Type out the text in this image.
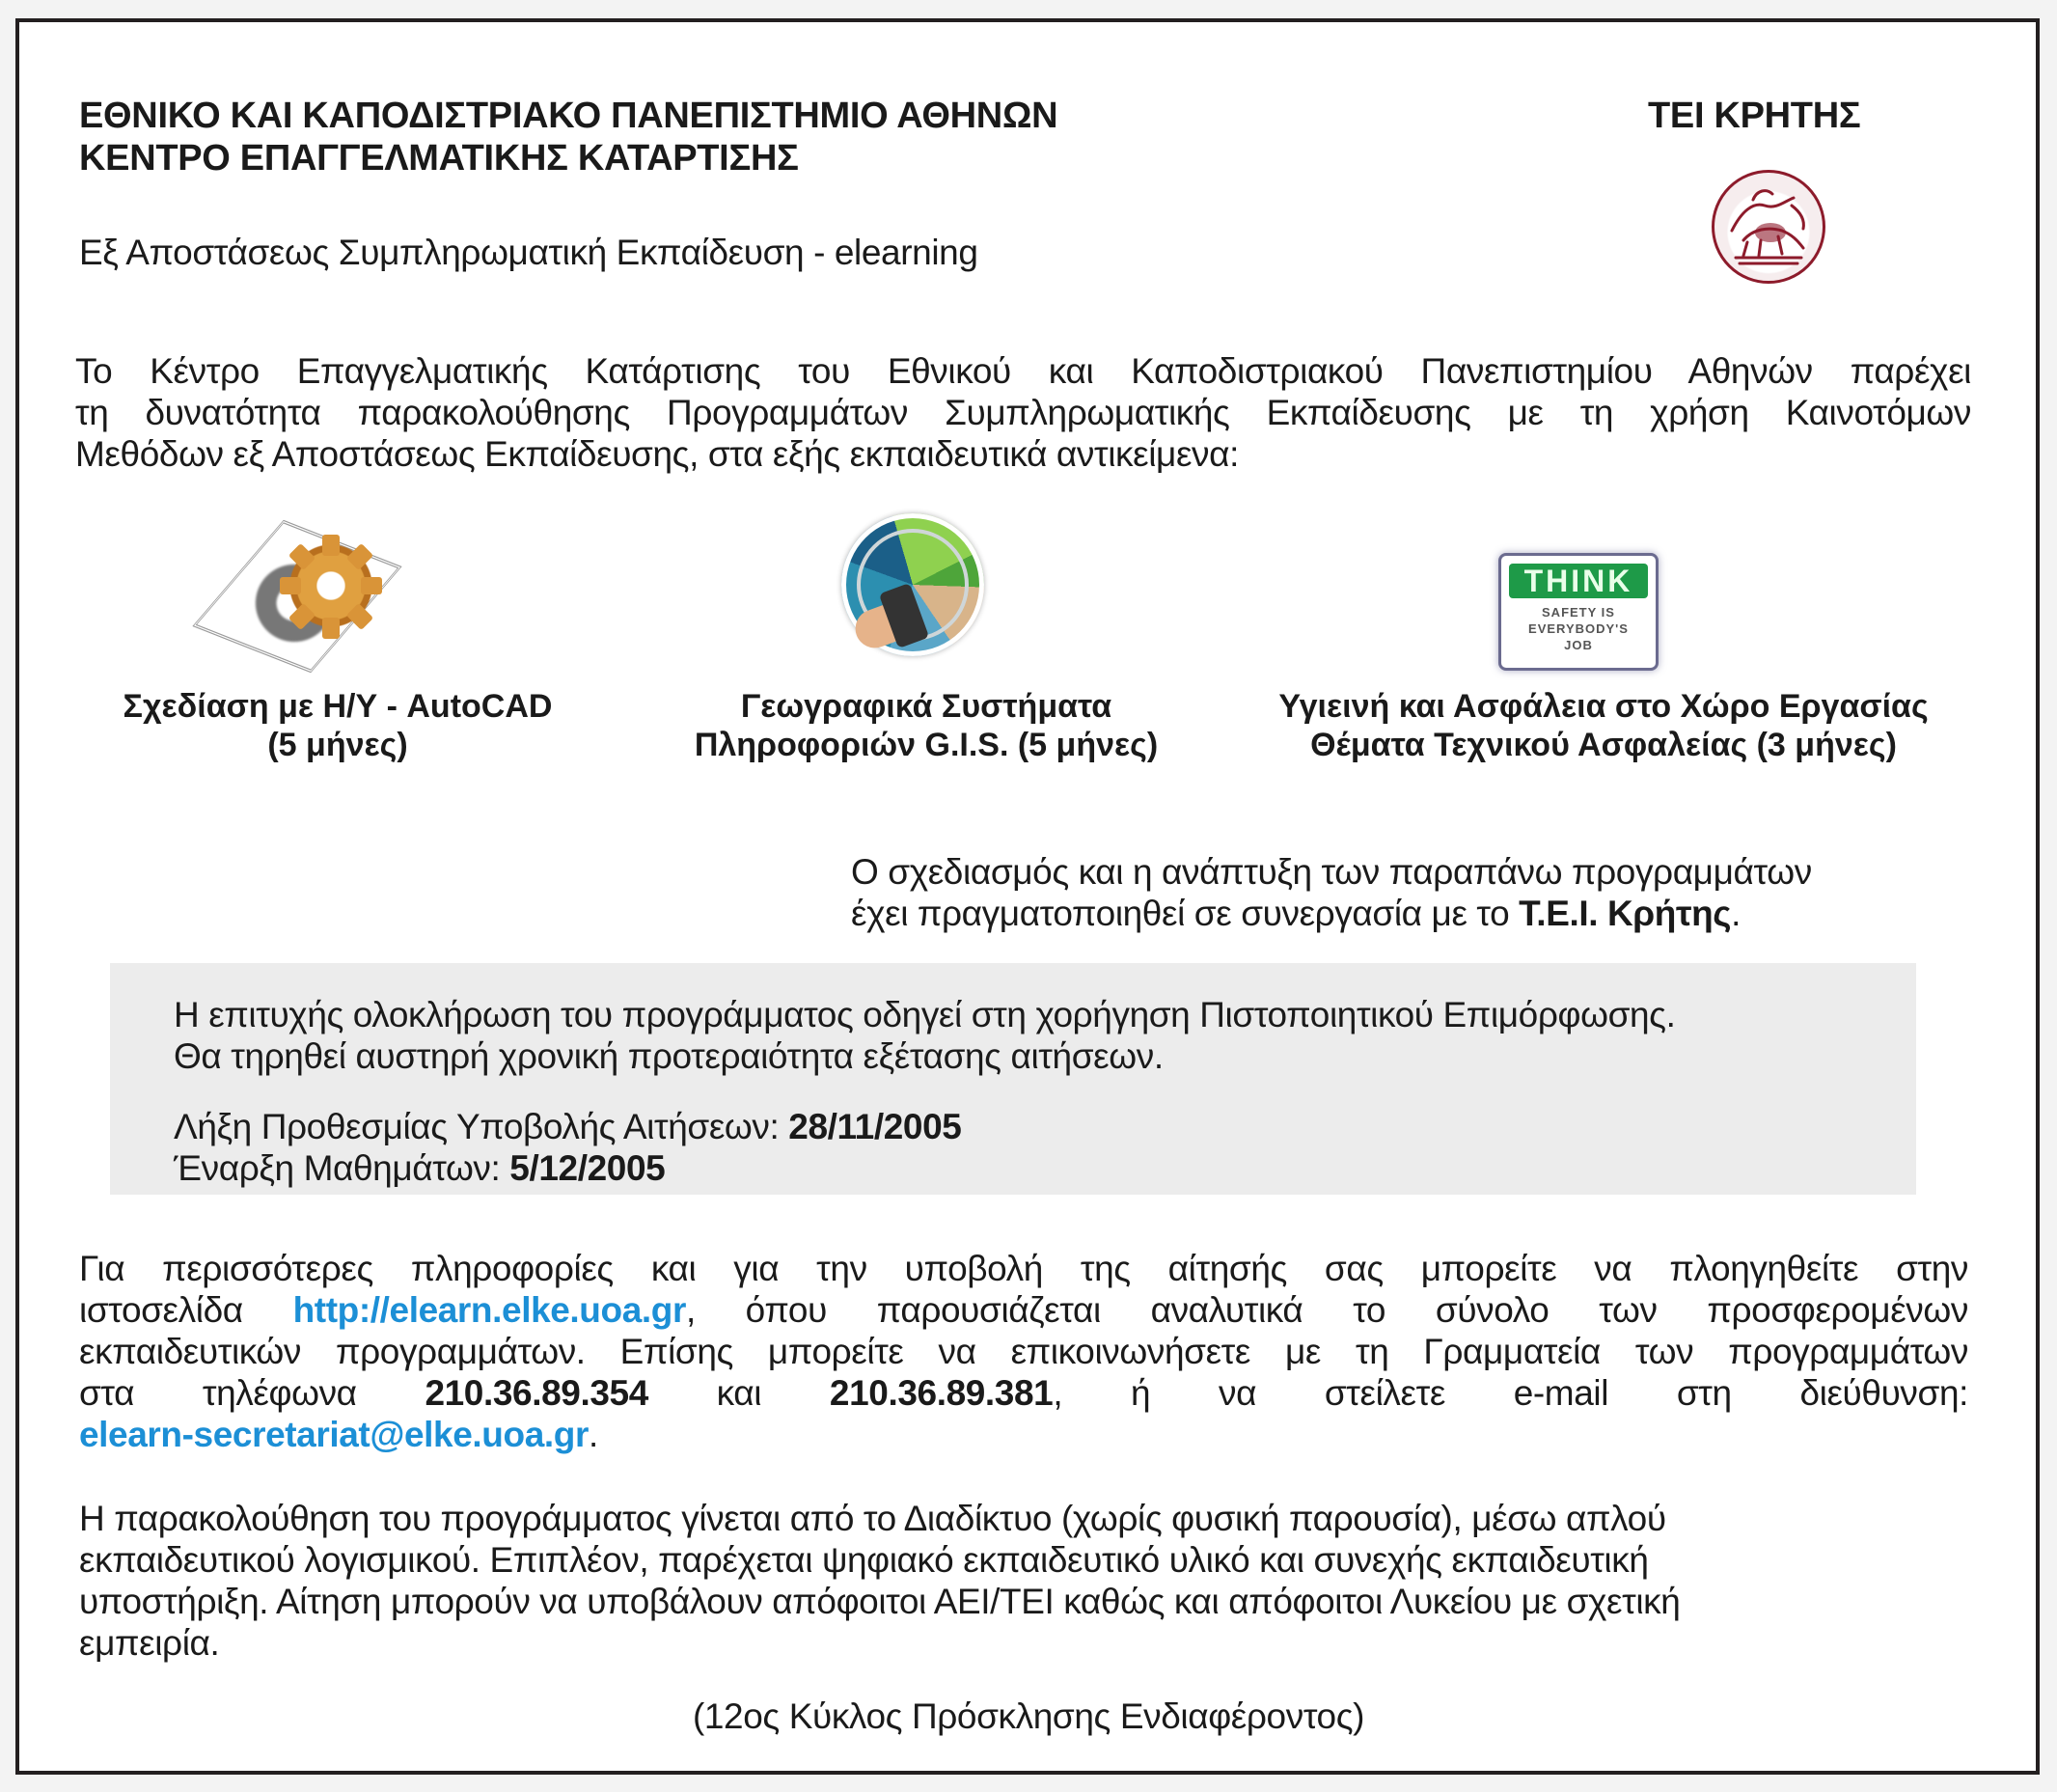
ΕΘΝΙΚΟ ΚΑΙ ΚΑΠΟΔΙΣΤΡΙΑΚΟ ΠΑΝΕΠΙΣΤΗΜΙΟ ΑΘΗΝΩΝ
ΚΕΝΤΡΟ ΕΠΑΓΓΕΛΜΑΤΙΚΗΣ ΚΑΤΑΡΤΙΣΗΣ
ΤΕΙ ΚΡΗΤΗΣ
Εξ Αποστάσεως Συμπληρωματική Εκπαίδευση - elearning
Το Κέντρο Επαγγελματικής Κατάρτισης του Εθνικού και Καποδιστριακού Πανεπιστημίου Αθηνών παρέχει
τη δυνατότητα παρακολούθησης Προγραμμάτων Συμπληρωματικής Εκπαίδευσης με τη χρήση Καινοτόμων
Μεθόδων εξ Αποστάσεως Εκπαίδευσης, στα εξής εκπαιδευτικά αντικείμενα:
Σχεδίαση με Η/Υ - AutoCAD
(5 μήνες)
Γεωγραφικά Συστήματα
Πληροφοριών G.I.S. (5 μήνες)
THINK
SAFETY IS
EVERYBODY'S
JOB
Υγιεινή και Ασφάλεια στο Χώρο Εργασίας
Θέματα Τεχνικού Ασφαλείας (3 μήνες)
Ο σχεδιασμός και η ανάπτυξη των παραπάνω προγραμμάτων
έχει πραγματοποιηθεί σε συνεργασία με το Τ.Ε.Ι. Κρήτης.
Η επιτυχής ολοκλήρωση του προγράμματος οδηγεί στη χορήγηση Πιστοποιητικού Επιμόρφωσης.
Θα τηρηθεί αυστηρή χρονική προτεραιότητα εξέτασης αιτήσεων.
Λήξη Προθεσμίας Υποβολής Αιτήσεων: 28/11/2005
Έναρξη Μαθημάτων: 5/12/2005
Για περισσότερες πληροφορίες και για την υποβολή της αίτησής σας μπορείτε να πλοηγηθείτε στην
ιστοσελίδα http://elearn.elke.uoa.gr, όπου παρουσιάζεται αναλυτικά το σύνολο των προσφερομένων
εκπαιδευτικών προγραμμάτων. Επίσης μπορείτε να επικοινωνήσετε με τη Γραμματεία των προγραμμάτων
στα τηλέφωνα 210.36.89.354 και 210.36.89.381, ή να στείλετε e-mail στη διεύθυνση:
elearn-secretariat@elke.uoa.gr.
Η παρακολούθηση του προγράμματος γίνεται από το Διαδίκτυο (χωρίς φυσική παρουσία), μέσω απλού
εκπαιδευτικού λογισμικού. Επιπλέον, παρέχεται ψηφιακό εκπαιδευτικό υλικό και συνεχής εκπαιδευτική
υποστήριξη. Αίτηση μπορούν να υποβάλουν απόφοιτοι ΑΕΙ/ΤΕΙ καθώς και απόφοιτοι Λυκείου με σχετική
εμπειρία.
(12ος Κύκλος Πρόσκλησης Ενδιαφέροντος)
